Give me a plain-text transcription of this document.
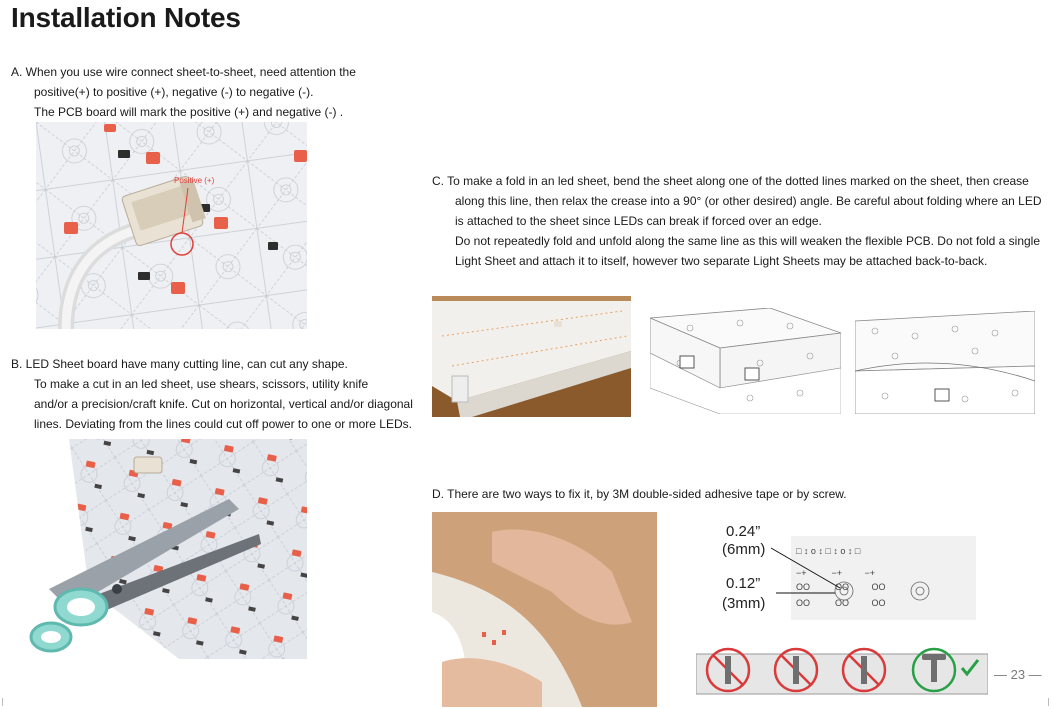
Installation Notes
A. When you use wire connect sheet-to-sheet, need attention the
positive(+) to positive (+), negative (-) to negative (-).
The PCB board will mark the positive (+) and negative (-) .
Positive (+)
B. LED Sheet board have many cutting line, can cut any shape.
To make a cut in an led sheet, use shears, scissors, utility knife
and/or a precision/craft knife. Cut on horizontal, vertical and/or diagonal
lines. Deviating from the lines could cut off power to one or more LEDs.
C. To make a fold in an led sheet, bend the sheet along one of the dotted lines marked on the sheet, then crease
along this line, then relax the crease into a 90° (or other desired) angle. Be careful about folding where an LED
is attached to the sheet since LEDs can break if forced over an edge.
Do not repeatedly fold and unfold along the same line as this will weaken the flexible PCB. Do not fold a single
Light Sheet and attach it to itself, however two separate Light Sheets may be attached back-to-back.
D. There are two ways to fix it, by 3M double-sided adhesive tape or by screw.
□ ↕ o ↕ □ ↕ o ↕ □
−+          −+         −+
OO          OO         OO
OO          OO         OO
0.24”
(6mm)
0.12”
(3mm)
— 23 —
